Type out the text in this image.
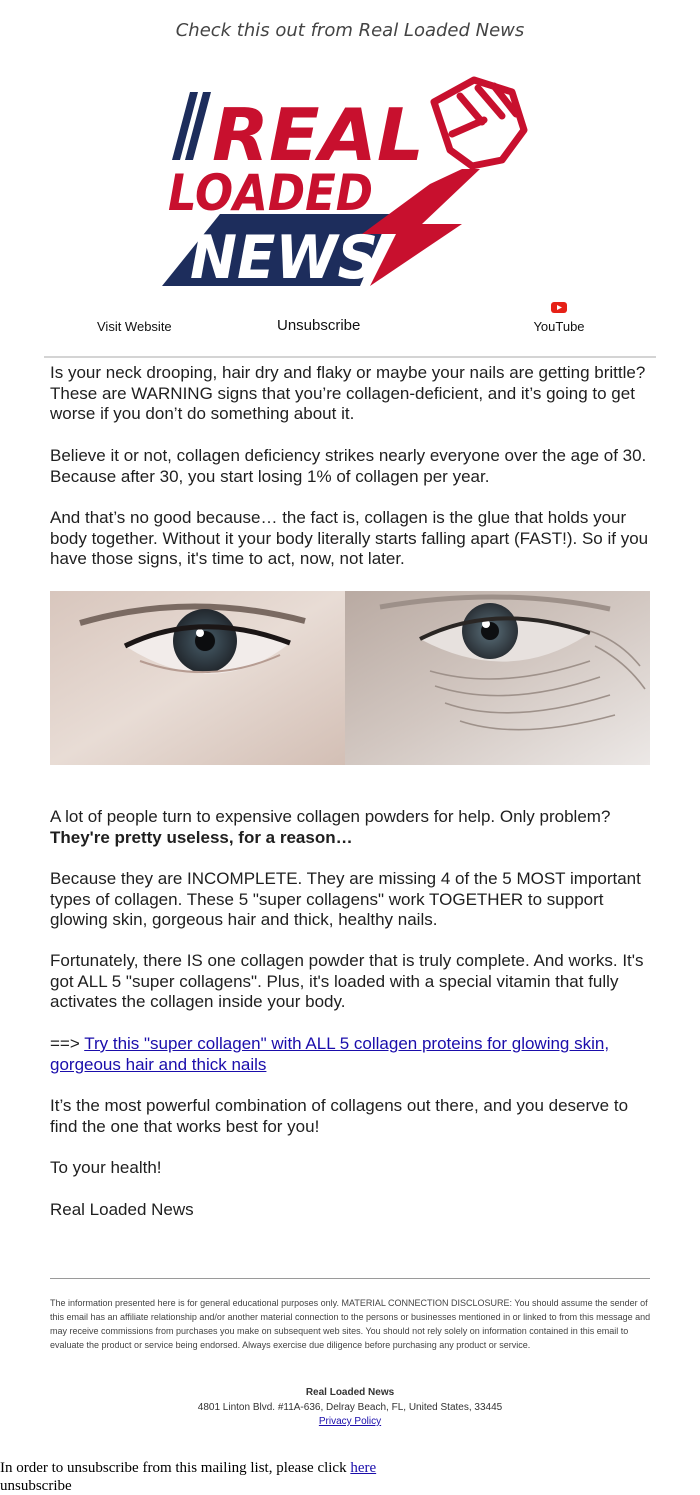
Check this out from Real Loaded News
REAL
LOADED
NEWS
Visit Website	Unsubscribe	YouTube

Is your neck drooping, hair dry and flaky or maybe your nails are getting brittle? These are WARNING signs that you’re collagen-deficient, and it’s going to get worse if you don’t do something about it.

Believe it or not, collagen deficiency strikes nearly everyone over the age of 30. Because after 30, you start losing 1% of collagen per year.

And that’s no good because… the fact is, collagen is the glue that holds your body together. Without it your body literally starts falling apart (FAST!). So if you have those signs, it's time to act, now, not later.

A lot of people turn to expensive collagen powders for help. Only problem? They're pretty useless, for a reason…

Because they are INCOMPLETE. They are missing 4 of the 5 MOST important types of collagen. These 5 "super collagens" work TOGETHER to support glowing skin, gorgeous hair and thick, healthy nails.

Fortunately, there IS one collagen powder that is truly complete. And works. It's got ALL 5 "super collagens". Plus, it's loaded with a special vitamin that fully activates the collagen inside your body.

==> Try this "super collagen" with ALL 5 collagen proteins for glowing skin, gorgeous hair and thick nails

It’s the most powerful combination of collagens out there, and you deserve to find the one that works best for you!

To your health!

Real Loaded News

The information presented here is for general educational purposes only. MATERIAL CONNECTION DISCLOSURE: You should assume the sender of this email has an affiliate relationship and/or another material connection to the persons or businesses mentioned in or linked to from this message and may receive commissions from purchases you make on subsequent web sites. You should not rely solely on information contained in this email to evaluate the product or service being endorsed. Always exercise due diligence before purchasing any product or service.
Real Loaded News
4801 Linton Blvd. #11A-636, Delray Beach, FL, United States, 33445
Privacy Policy
In order to unsubscribe from this mailing list, please click here
unsubscribe
